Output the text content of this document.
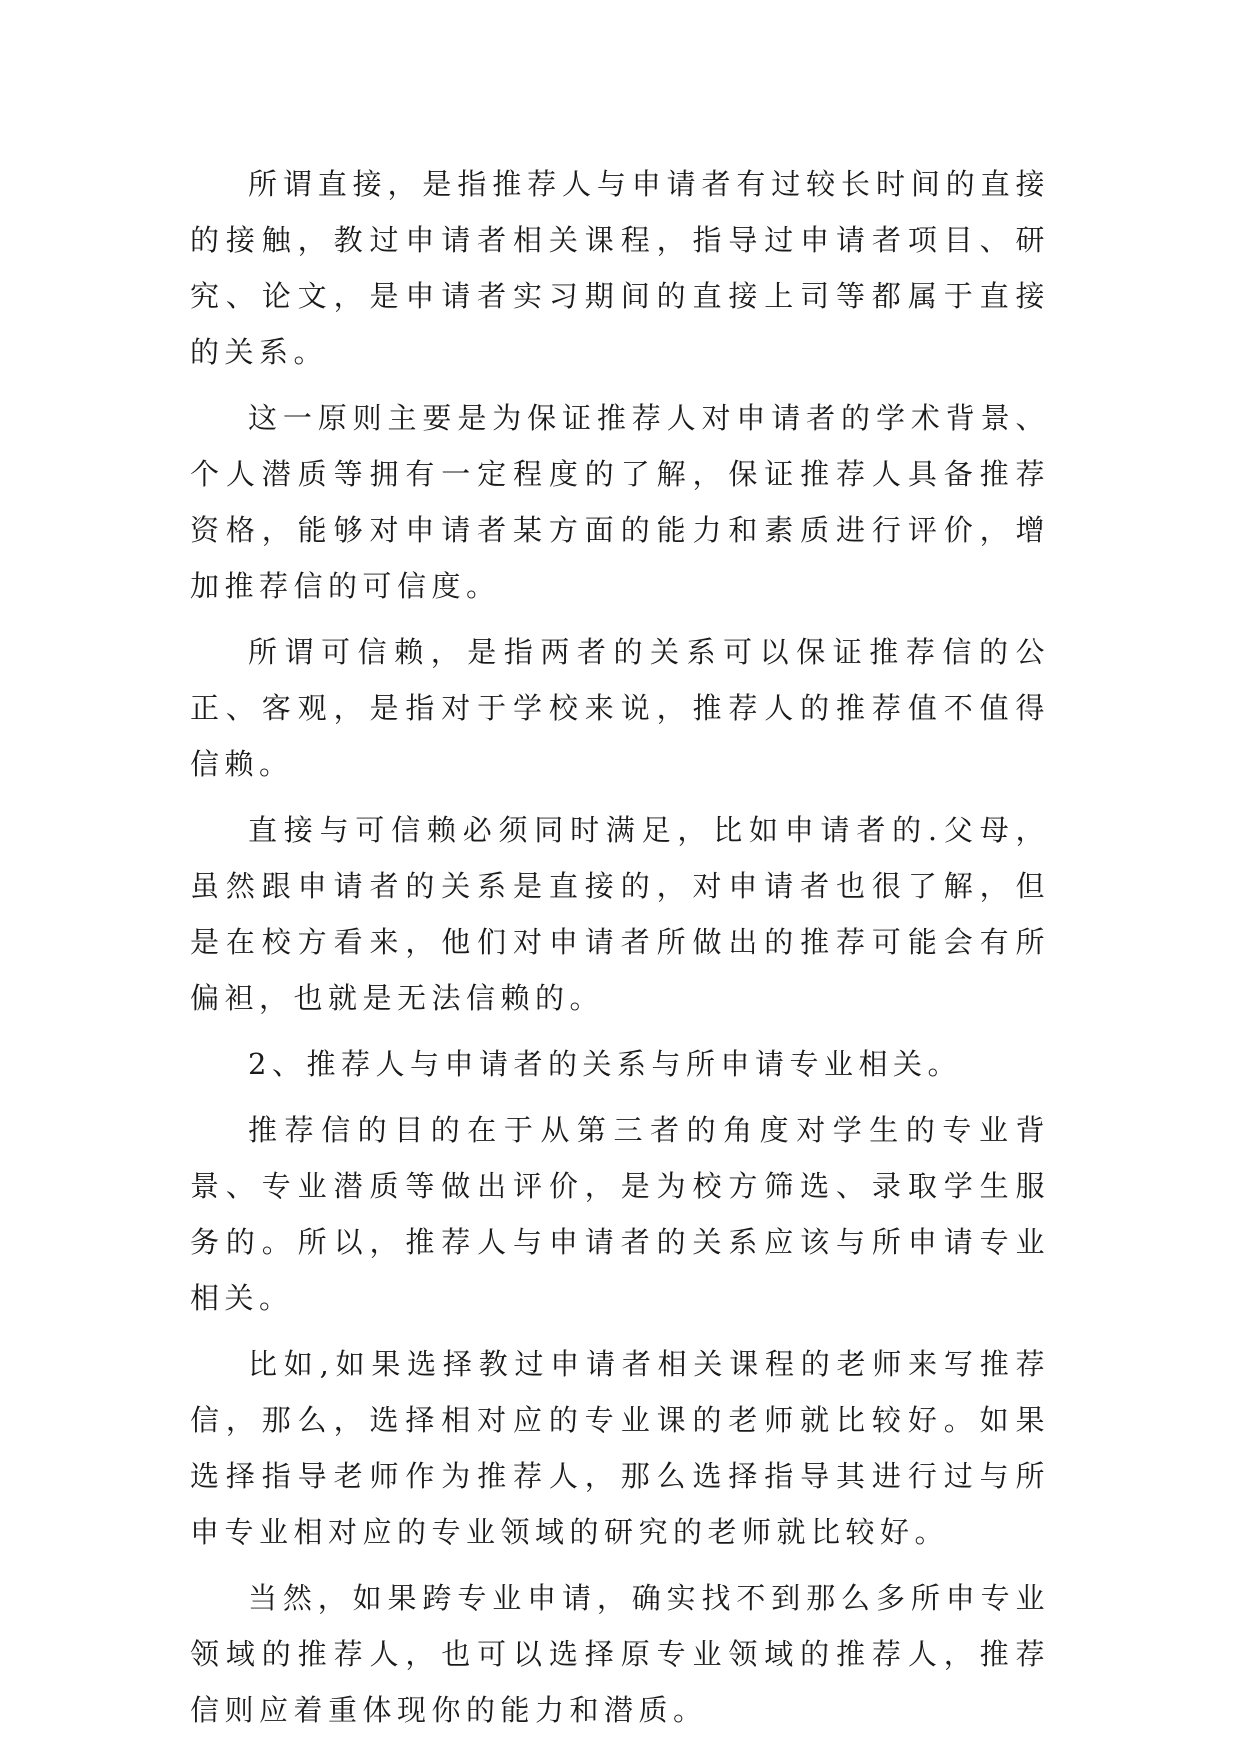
所谓直接，是指推荐人与申请者有过较长时间的直接的接触，教过申请者相关课程，指导过申请者项目、研究、论文，是申请者实习期间的直接上司等都属于直接的关系。

这一原则主要是为保证推荐人对申请者的学术背景、个人潜质等拥有一定程度的了解，保证推荐人具备推荐资格，能够对申请者某方面的能力和素质进行评价，增加推荐信的可信度。

所谓可信赖，是指两者的关系可以保证推荐信的公正、客观，是指对于学校来说，推荐人的推荐值不值得信赖。

直接与可信赖必须同时满足，比如申请者的.父母，虽然跟申请者的关系是直接的，对申请者也很了解，但是在校方看来，他们对申请者所做出的推荐可能会有所偏袒，也就是无法信赖的。

2、推荐人与申请者的关系与所申请专业相关。

推荐信的目的在于从第三者的角度对学生的专业背景、专业潜质等做出评价，是为校方筛选、录取学生服务的。所以，推荐人与申请者的关系应该与所申请专业相关。

比如,如果选择教过申请者相关课程的老师来写推荐信，那么，选择相对应的专业课的老师就比较好。如果选择指导老师作为推荐人，那么选择指导其进行过与所申专业相对应的专业领域的研究的老师就比较好。

当然，如果跨专业申请，确实找不到那么多所申专业领域的推荐人，也可以选择原专业领域的推荐人，推荐信则应着重体现你的能力和潜质。
